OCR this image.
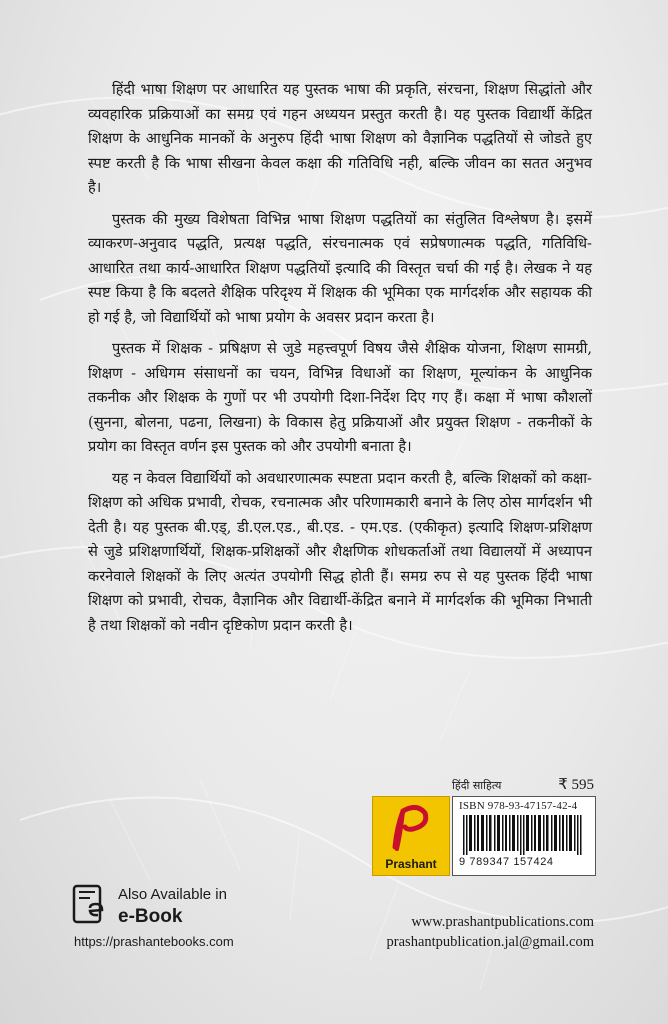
हिंदी भाषा शिक्षण पर आधारित यह पुस्तक भाषा की प्रकृति, संरचना, शिक्षण सिद्धांतो और व्यवहारिक प्रक्रियाओं का समग्र एवं गहन अध्ययन प्रस्तुत करती है। यह पुस्तक विद्यार्थी केंद्रित शिक्षण के आधुनिक मानकों के अनुरुप हिंदी भाषा शिक्षण को वैज्ञानिक पद्धतियों से जोडते हुए स्पष्ट करती है कि भाषा सीखना केवल कक्षा की गतिविधि नही, बल्कि जीवन का सतत अनुभव है।

पुस्तक की मुख्य विशेषता विभिन्न भाषा शिक्षण पद्धतियों का संतुलित विश्लेषण है। इसमें व्याकरण-अनुवाद पद्धति, प्रत्यक्ष पद्धति, संरचनात्मक एवं सप्रेषणात्मक पद्धति, गतिविधि-आधारित तथा कार्य-आधारित शिक्षण पद्धतियों इत्यादि की विस्तृत चर्चा की गई है। लेखक ने यह स्पष्ट किया है कि बदलते शैक्षिक परिदृश्य में शिक्षक की भूमिका एक मार्गदर्शक और सहायक की हो गई है, जो विद्यार्थियों को भाषा प्रयोग के अवसर प्रदान करता है।

पुस्तक में शिक्षक - प्रषिक्षण से जुडे महत्त्वपूर्ण विषय जैसे शैक्षिक योजना, शिक्षण सामग्री, शिक्षण - अधिगम संसाधनों का चयन, विभिन्न विधाओं का शिक्षण, मूल्यांकन के आधुनिक तकनीक और शिक्षक के गुणों पर भी उपयोगी दिशा-निर्देश दिए गए हैं। कक्षा में भाषा कौशलों (सुनना, बोलना, पढना, लिखना) के विकास हेतु प्रक्रियाओं और प्रयुक्त शिक्षण - तकनीकों के प्रयोग का विस्तृत वर्णन इस पुस्तक को और उपयोगी बनाता है।

यह न केवल विद्यार्थियों को अवधारणात्मक स्पष्टता प्रदान करती है, बल्कि शिक्षकों को कक्षा-शिक्षण को अधिक प्रभावी, रोचक, रचनात्मक और परिणामकारी बनाने के लिए ठोस मार्गदर्शन भी देती है। यह पुस्तक बी.एड्, डी.एल.एड., बी.एड. - एम.एड. (एकीकृत) इत्यादि शिक्षण-प्रशिक्षण से जुडे प्रशिक्षणार्थियों, शिक्षक-प्रशिक्षकों और शैक्षणिक शोधकर्ताओं तथा विद्यालयों में अध्यापन करनेवाले शिक्षकों के लिए अत्यंत उपयोगी सिद्ध होती हैं। समग्र रुप से यह पुस्तक हिंदी भाषा शिक्षण को प्रभावी, रोचक, वैज्ञानिक और विद्यार्थी-केंद्रित बनाने में मार्गदर्शक की भूमिका निभाती है तथा शिक्षकों को नवीन दृष्टिकोण प्रदान करती है।

हिंदी साहित्य	₹ 595
Prashant
ISBN 978-93-47157-42-4
9 789347 157424
Also Available in
e-Book
https://prashantebooks.com
www.prashantpublications.com
prashantpublication.jal@gmail.com
